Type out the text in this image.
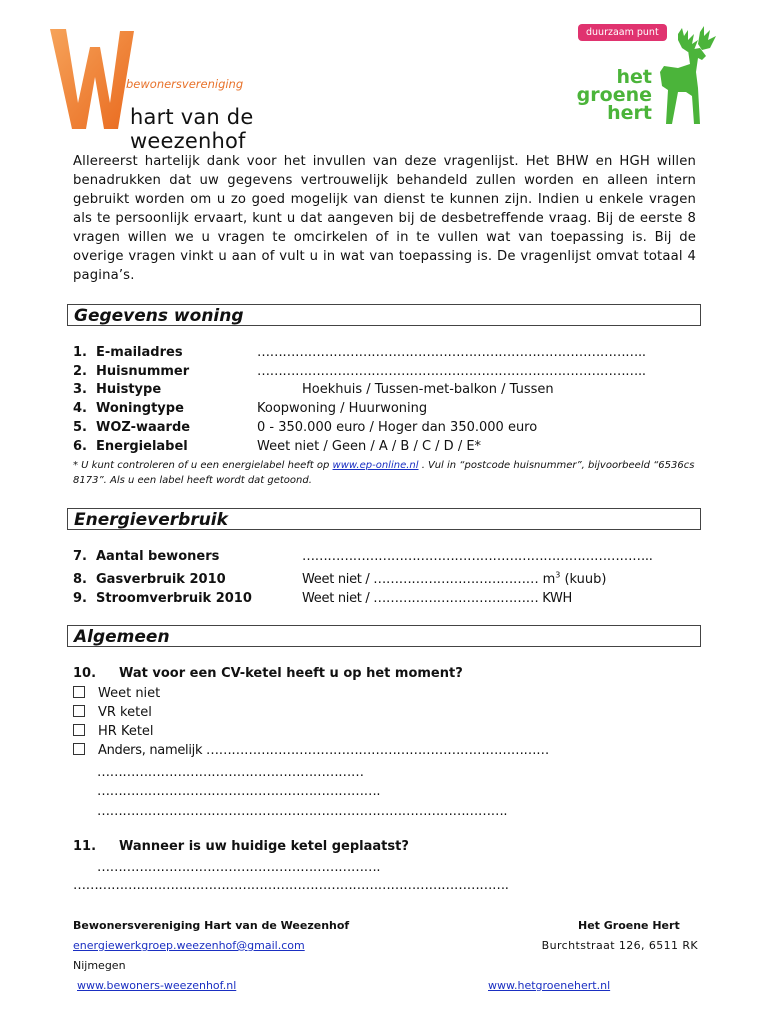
bewonersvereniging
hart van de weezenhof
duurzaam punt
het
groene
hert
Allereerst hartelijk dank voor het invullen van deze vragenlijst. Het BHW en HGH willen benadrukken dat uw gegevens vertrouwelijk behandeld zullen worden en alleen intern gebruikt worden om u zo goed mogelijk van dienst te kunnen zijn. Indien u enkele vragen als te persoonlijk ervaart, kunt u dat aangeven bij de desbetreffende vraag. Bij de eerste 8 vragen willen we u vragen te omcirkelen of in te vullen wat van toepassing is. Bij de overige vragen vinkt u aan of vult u in wat van toepassing is. De vragenlijst omvat totaal 4 pagina’s.
Gegevens woning
1. E-mailadres	………………………………………………………………………………..
2. Huisnummer	………………………………………………………………………………..
3. Huistype	Hoekhuis / Tussen-met-balkon / Tussen
4. Woningtype	Koopwoning / Huurwoning
5. WOZ-waarde	0 - 350.000 euro / Hoger dan 350.000 euro
6. Energielabel	Weet niet / Geen / A / B / C / D / E*
* U kunt controleren of u een energielabel heeft op www.ep-online.nl . Vul in “postcode huisnummer”, bijvoorbeeld “6536cs 8173”. Als u een label heeft wordt dat getoond.
Energieverbruik
7. Aantal bewoners	………………………………………………………………………..
8. Gasverbruik 2010	Weet niet / ………………………………… $m^3$ (kuub)
9. Stroomverbruik 2010	Weet niet / ………………………………… KWH
Algemeen
10. Wat voor een CV-ketel heeft u op het moment?
Weet niet
VR ketel
HR Ketel
Anders, namelijk ………………………………………………………………………
………………………………………………………
………………………………………………………….
…………………………………………………………………………………….
11. Wanneer is uw huidige ketel geplaatst?
………………………………………………………….
………………………………………………………………………………………….
Bewonersvereniging Hart van de Weezenhof
energiewerkgroep.weezenhof@gmail.com
Nijmegen
www.bewoners-weezenhof.nl
Het Groene Hert
Burchtstraat 126, 6511 RK

www.hetgroenehert.nl
